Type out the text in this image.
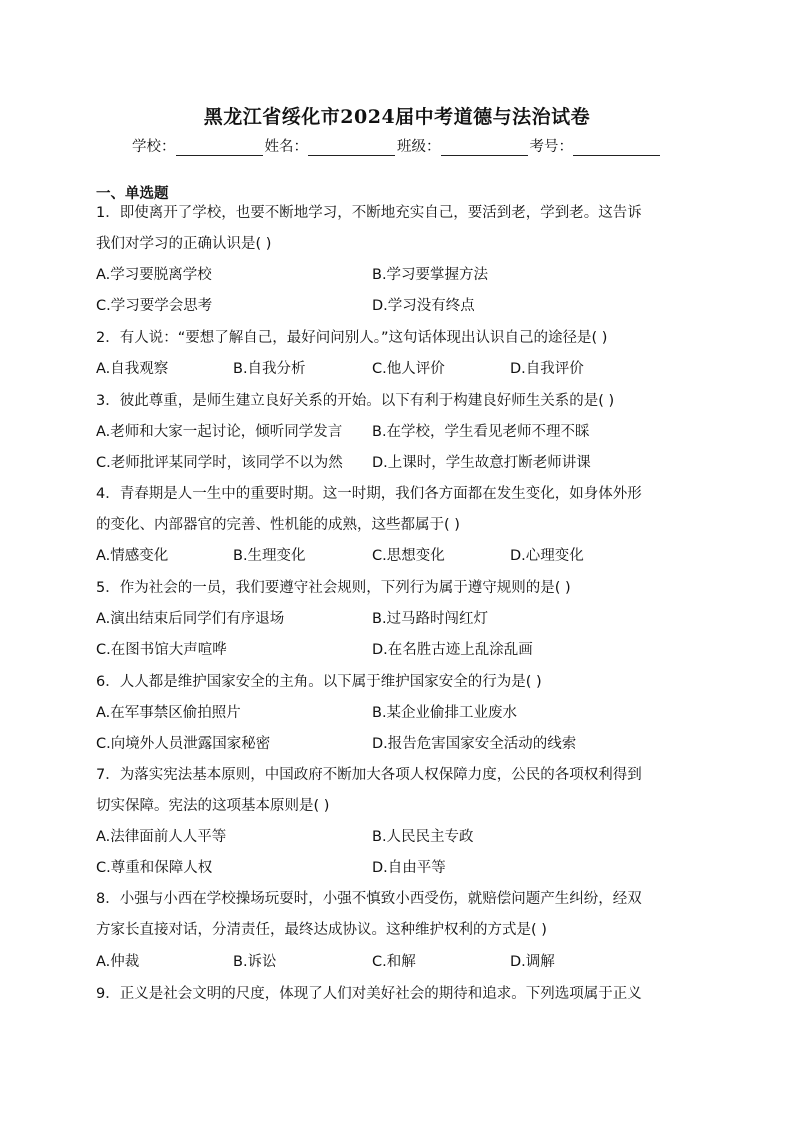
黑龙江省绥化市2024届中考道德与法治试卷
学校：	姓名：	班级：	考号：
一、单选题
1．即使离开了学校，也要不断地学习，不断地充实自己，要活到老，学到老。这告诉
我们对学习的正确认识是( )
A.学习要脱离学校	B.学习要掌握方法
C.学习要学会思考	D.学习没有终点
2．有人说：“要想了解自己，最好问问别人。”这句话体现出认识自己的途径是( )
A.自我观察	B.自我分析	C.他人评价	D.自我评价
3．彼此尊重，是师生建立良好关系的开始。以下有利于构建良好师生关系的是( )
A.老师和大家一起讨论，倾听同学发言 B.在学校，学生看见老师不理不睬
C.老师批评某同学时，该同学不以为然 D.上课时，学生故意打断老师讲课
4．青春期是人一生中的重要时期。这一时期，我们各方面都在发生变化，如身体外形
的变化、内部器官的完善、性机能的成熟，这些都属于( )
A.情感变化	B.生理变化	C.思想变化	D.心理变化
5．作为社会的一员，我们要遵守社会规则，下列行为属于遵守规则的是( )
A.演出结束后同学们有序退场	B.过马路时闯红灯
C.在图书馆大声喧哗	D.在名胜古迹上乱涂乱画
6．人人都是维护国家安全的主角。以下属于维护国家安全的行为是( )
A.在军事禁区偷拍照片	B.某企业偷排工业废水
C.向境外人员泄露国家秘密	D.报告危害国家安全活动的线索
7．为落实宪法基本原则，中国政府不断加大各项人权保障力度，公民的各项权利得到
切实保障。宪法的这项基本原则是( )
A.法律面前人人平等	B.人民民主专政
C.尊重和保障人权	D.自由平等
8．小强与小西在学校操场玩耍时，小强不慎致小西受伤，就赔偿问题产生纠纷，经双
方家长直接对话，分清责任，最终达成协议。这种维护权利的方式是( )
A.仲裁	B.诉讼	C.和解	D.调解
9．正义是社会文明的尺度，体现了人们对美好社会的期待和追求。下列选项属于正义
